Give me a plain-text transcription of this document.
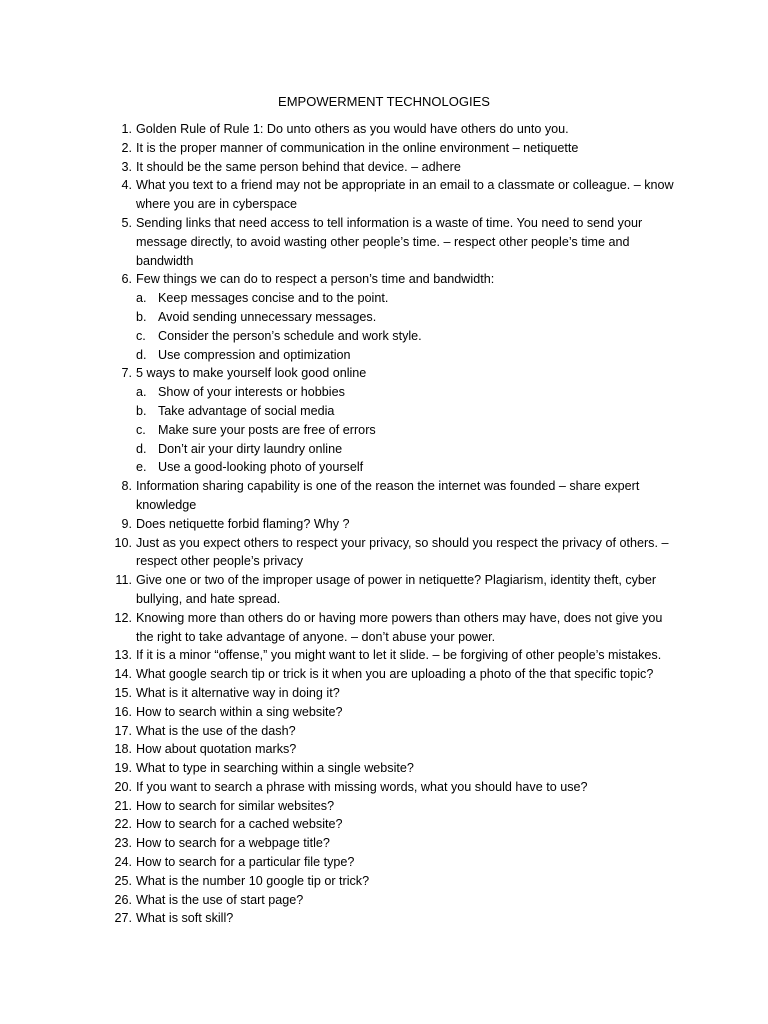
EMPOWERMENT TECHNOLOGIES
1. Golden Rule of Rule 1: Do unto others as you would have others do unto you.
2. It is the proper manner of communication in the online environment – netiquette
3. It should be the same person behind that device. – adhere
4. What you text to a friend may not be appropriate in an email to a classmate or colleague. – know where you are in cyberspace
5. Sending links that need access to tell information is a waste of time. You need to send your message directly, to avoid wasting other people’s time. – respect other people’s time and bandwidth
6. Few things we can do to respect a person’s time and bandwidth:
a. Keep messages concise and to the point.
b. Avoid sending unnecessary messages.
c. Consider the person’s schedule and work style.
d. Use compression and optimization
7. 5 ways to make yourself look good online
a. Show of your interests or hobbies
b. Take advantage of social media
c. Make sure your posts are free of errors
d. Don’t air your dirty laundry online
e. Use a good-looking photo of yourself
8. Information sharing capability is one of the reason the internet was founded – share expert knowledge
9. Does netiquette forbid flaming? Why ?
10. Just as you expect others to respect your privacy, so should you respect the privacy of others. – respect other people’s privacy
11. Give one or two of the improper usage of power in netiquette? Plagiarism, identity theft, cyber bullying, and hate spread.
12. Knowing more than others do or having more powers than others may have, does not give you the right to take advantage of anyone. – don’t abuse your power.
13. If it is a minor “offense,” you might want to let it slide. – be forgiving of other people’s mistakes.
14. What google search tip or trick is it when you are uploading a photo of the that specific topic?
15. What is it alternative way in doing it?
16. How to search within a sing website?
17. What is the use of the dash?
18. How about quotation marks?
19. What to type in searching within a single website?
20. If you want to search a phrase with missing words, what you should have to use?
21. How to search for similar websites?
22. How to search for a cached website?
23. How to search for a webpage title?
24. How to search for a particular file type?
25. What is the number 10 google tip or trick?
26. What is the use of start page?
27. What is soft skill?
